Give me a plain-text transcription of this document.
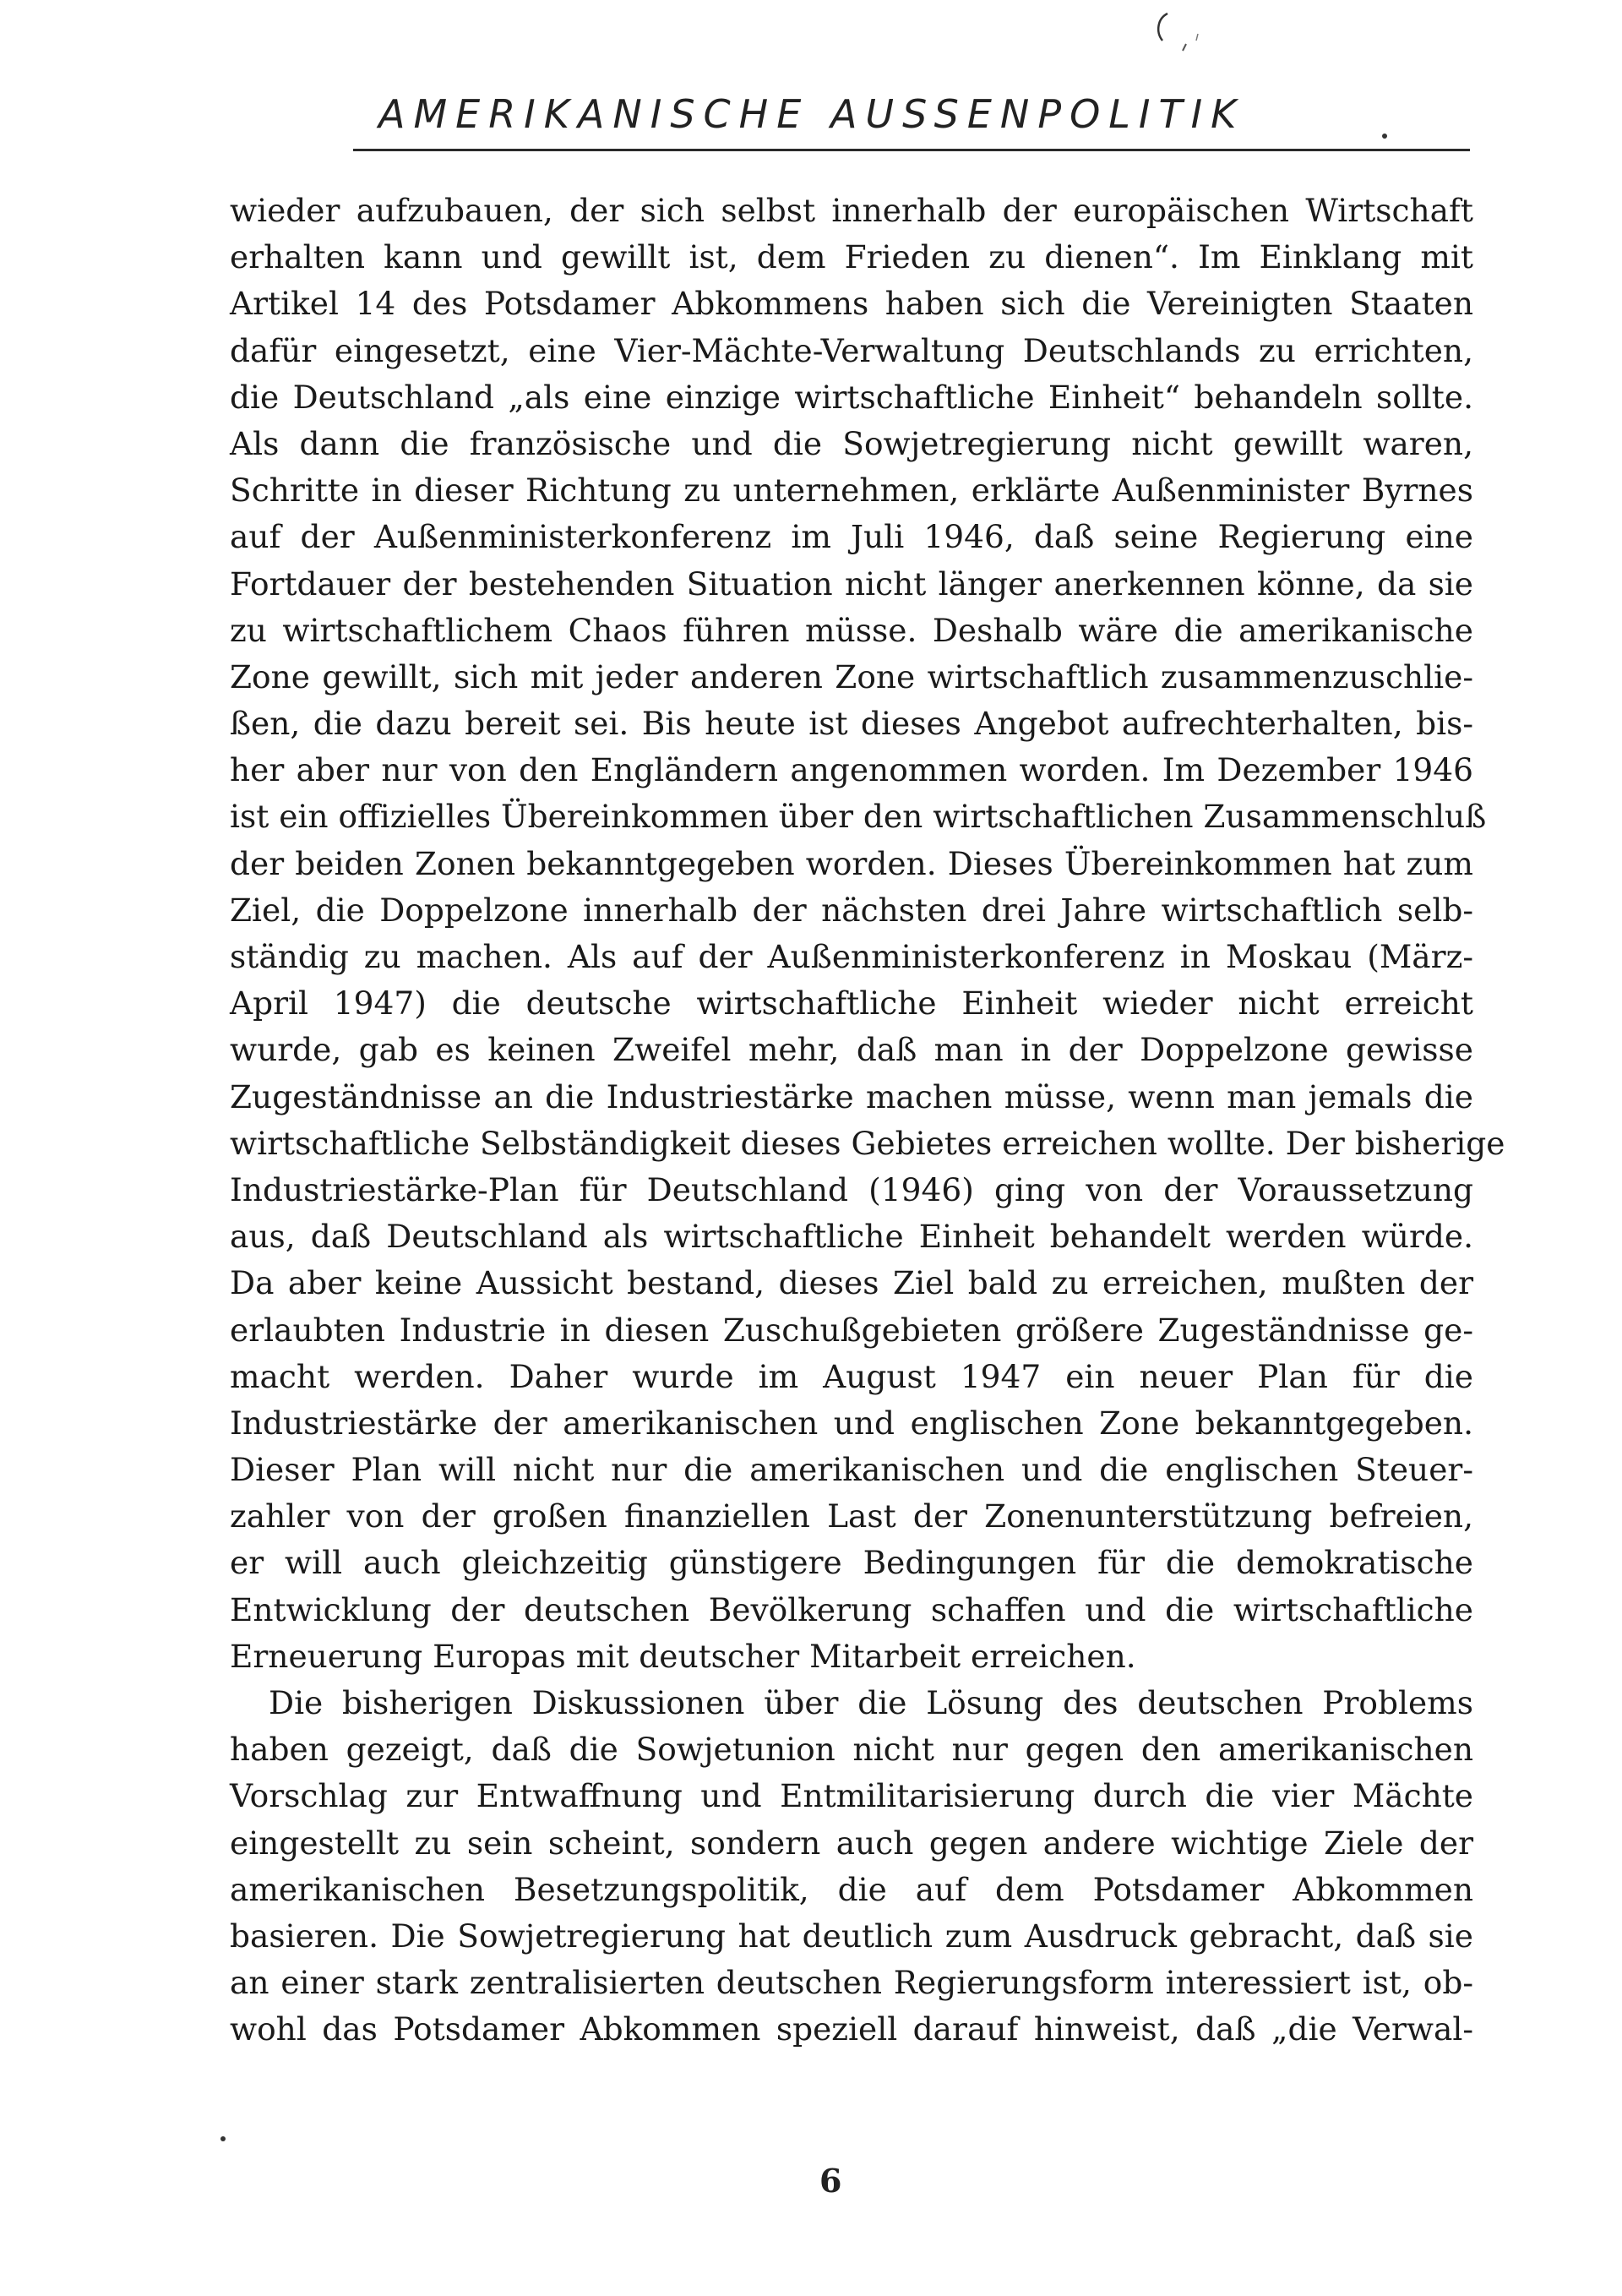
AMERIKANISCHE AUSSENPOLITIK
wieder aufzubauen, der sich selbst innerhalb der europäischen Wirtschaft
erhalten kann und gewillt ist, dem Frieden zu dienen“. Im Einklang mit
Artikel 14 des Potsdamer Abkommens haben sich die Vereinigten Staaten
dafür eingesetzt, eine Vier-Mächte-Verwaltung Deutschlands zu errichten,
die Deutschland „als eine einzige wirtschaftliche Einheit“ behandeln sollte.
Als dann die französische und die Sowjetregierung nicht gewillt waren,
Schritte in dieser Richtung zu unternehmen, erklärte Außenminister Byrnes
auf der Außenministerkonferenz im Juli 1946, daß seine Regierung eine
Fortdauer der bestehenden Situation nicht länger anerkennen könne, da sie
zu wirtschaftlichem Chaos führen müsse. Deshalb wäre die amerikanische
Zone gewillt, sich mit jeder anderen Zone wirtschaftlich zusammenzuschlie-
ßen, die dazu bereit sei. Bis heute ist dieses Angebot aufrechterhalten, bis-
her aber nur von den Engländern angenommen worden. Im Dezember 1946
ist ein offizielles Übereinkommen über den wirtschaftlichen Zusammenschluß
der beiden Zonen bekanntgegeben worden. Dieses Übereinkommen hat zum
Ziel, die Doppelzone innerhalb der nächsten drei Jahre wirtschaftlich selb-
ständig zu machen. Als auf der Außenministerkonferenz in Moskau (März-
April 1947) die deutsche wirtschaftliche Einheit wieder nicht erreicht
wurde, gab es keinen Zweifel mehr, daß man in der Doppelzone gewisse
Zugeständnisse an die Industriestärke machen müsse, wenn man jemals die
wirtschaftliche Selbständigkeit dieses Gebietes erreichen wollte. Der bisherige
Industriestärke-Plan für Deutschland (1946) ging von der Voraussetzung
aus, daß Deutschland als wirtschaftliche Einheit behandelt werden würde.
Da aber keine Aussicht bestand, dieses Ziel bald zu erreichen, mußten der
erlaubten Industrie in diesen Zuschußgebieten größere Zugeständnisse ge-
macht werden. Daher wurde im August 1947 ein neuer Plan für die
Industriestärke der amerikanischen und englischen Zone bekanntgegeben.
Dieser Plan will nicht nur die amerikanischen und die englischen Steuer-
zahler von der großen finanziellen Last der Zonenunterstützung befreien,
er will auch gleichzeitig günstigere Bedingungen für die demokratische
Entwicklung der deutschen Bevölkerung schaffen und die wirtschaftliche
Erneuerung Europas mit deutscher Mitarbeit erreichen.
Die bisherigen Diskussionen über die Lösung des deutschen Problems
haben gezeigt, daß die Sowjetunion nicht nur gegen den amerikanischen
Vorschlag zur Entwaffnung und Entmilitarisierung durch die vier Mächte
eingestellt zu sein scheint, sondern auch gegen andere wichtige Ziele der
amerikanischen Besetzungspolitik, die auf dem Potsdamer Abkommen
basieren. Die Sowjetregierung hat deutlich zum Ausdruck gebracht, daß sie
an einer stark zentralisierten deutschen Regierungsform interessiert ist, ob-
wohl das Potsdamer Abkommen speziell darauf hinweist, daß „die Verwal-
6
